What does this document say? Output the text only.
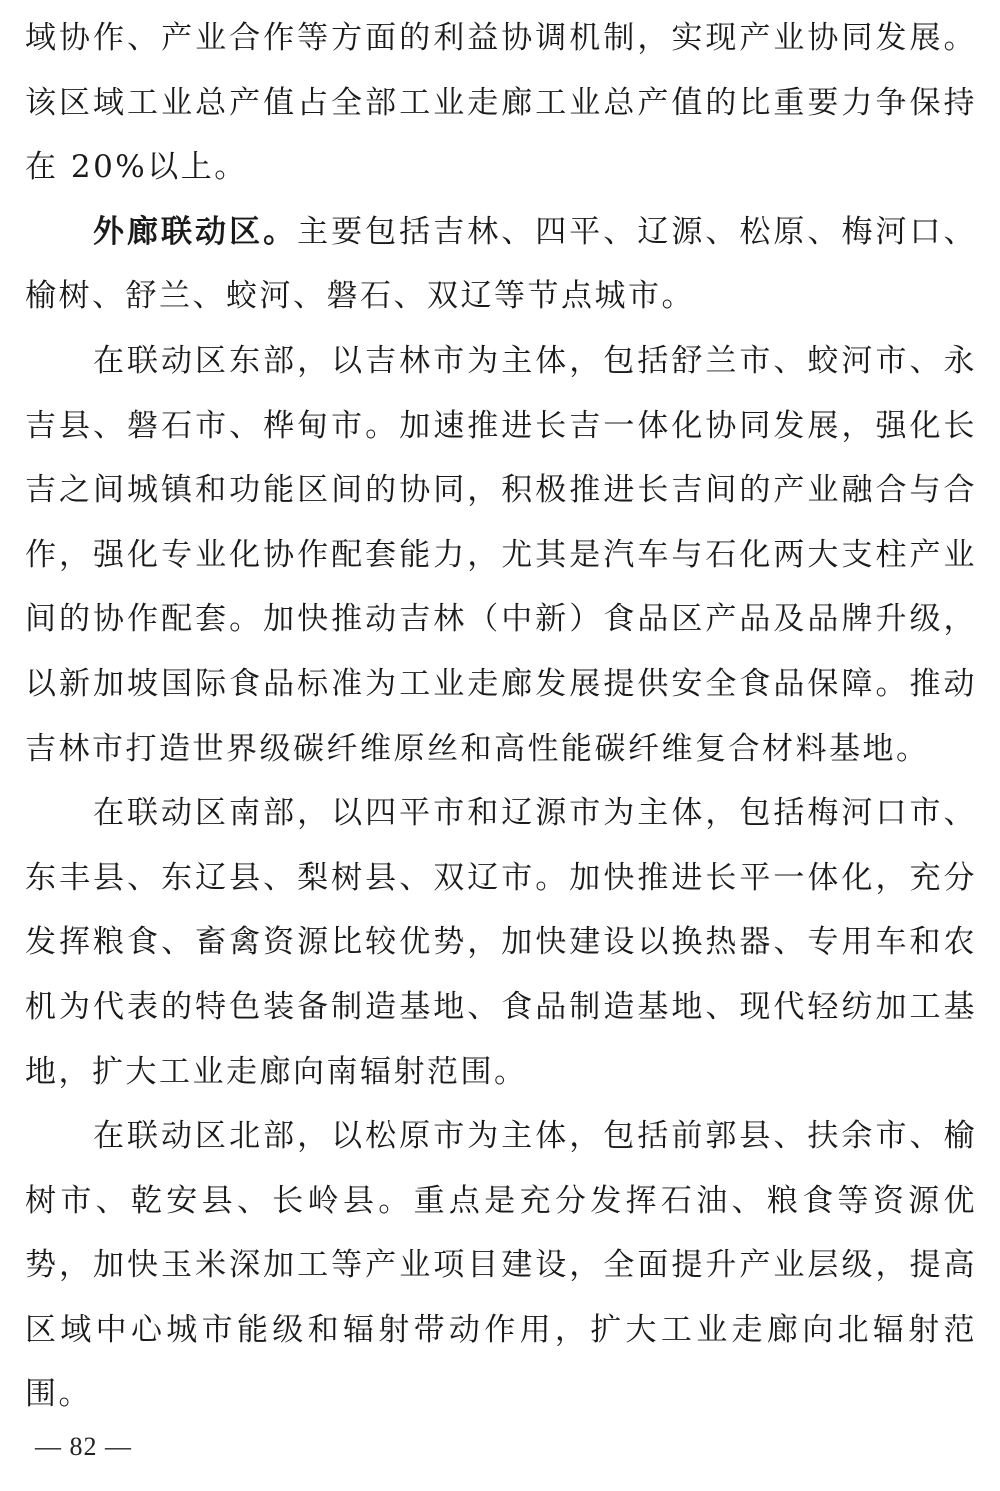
域协作、产业合作等方面的利益协调机制，实现产业协同发展。该区域工业总产值占全部工业走廊工业总产值的比重要力争保持在 20%以上。

外廊联动区。主要包括吉林、四平、辽源、松原、梅河口、榆树、舒兰、蛟河、磐石、双辽等节点城市。

在联动区东部，以吉林市为主体，包括舒兰市、蛟河市、永吉县、磐石市、桦甸市。加速推进长吉一体化协同发展，强化长吉之间城镇和功能区间的协同，积极推进长吉间的产业融合与合作，强化专业化协作配套能力，尤其是汽车与石化两大支柱产业间的协作配套。加快推动吉林（中新）食品区产品及品牌升级，以新加坡国际食品标准为工业走廊发展提供安全食品保障。推动吉林市打造世界级碳纤维原丝和高性能碳纤维复合材料基地。

在联动区南部，以四平市和辽源市为主体，包括梅河口市、东丰县、东辽县、梨树县、双辽市。加快推进长平一体化，充分发挥粮食、畜禽资源比较优势，加快建设以换热器、专用车和农机为代表的特色装备制造基地、食品制造基地、现代轻纺加工基地，扩大工业走廊向南辐射范围。

在联动区北部，以松原市为主体，包括前郭县、扶余市、榆树市、乾安县、长岭县。重点是充分发挥石油、粮食等资源优势，加快玉米深加工等产业项目建设，全面提升产业层级，提高区域中心城市能级和辐射带动作用，扩大工业走廊向北辐射范围。

— 82 —
